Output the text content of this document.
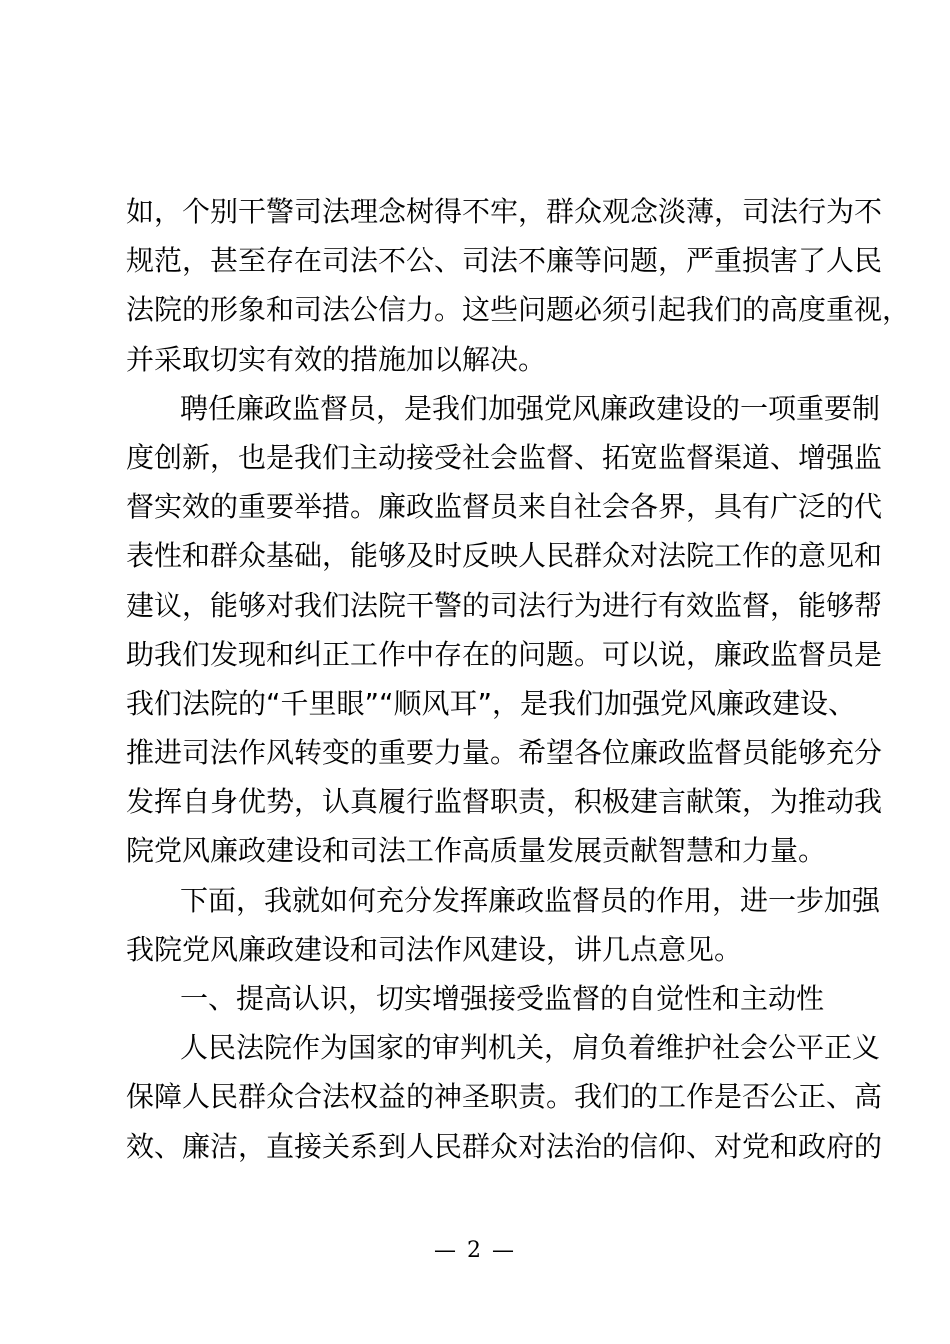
如，个别干警司法理念树得不牢，群众观念淡薄，司法行为不
规范，甚至存在司法不公、司法不廉等问题，严重损害了人民
法院的形象和司法公信力。这些问题必须引起我们的高度重视，
并采取切实有效的措施加以解决。
聘任廉政监督员，是我们加强党风廉政建设的一项重要制
度创新，也是我们主动接受社会监督、拓宽监督渠道、增强监
督实效的重要举措。廉政监督员来自社会各界，具有广泛的代
表性和群众基础，能够及时反映人民群众对法院工作的意见和
建议，能够对我们法院干警的司法行为进行有效监督，能够帮
助我们发现和纠正工作中存在的问题。可以说，廉政监督员是
我们法院的“千里眼”“顺风耳”，是我们加强党风廉政建设、
推进司法作风转变的重要力量。希望各位廉政监督员能够充分
发挥自身优势，认真履行监督职责，积极建言献策，为推动我
院党风廉政建设和司法工作高质量发展贡献智慧和力量。
下面，我就如何充分发挥廉政监督员的作用，进一步加强
我院党风廉政建设和司法作风建设，讲几点意见。
一、提高认识，切实增强接受监督的自觉性和主动性
人民法院作为国家的审判机关，肩负着维护社会公平正义
保障人民群众合法权益的神圣职责。我们的工作是否公正、高
效、廉洁，直接关系到人民群众对法治的信仰、对党和政府的
— 2 —
